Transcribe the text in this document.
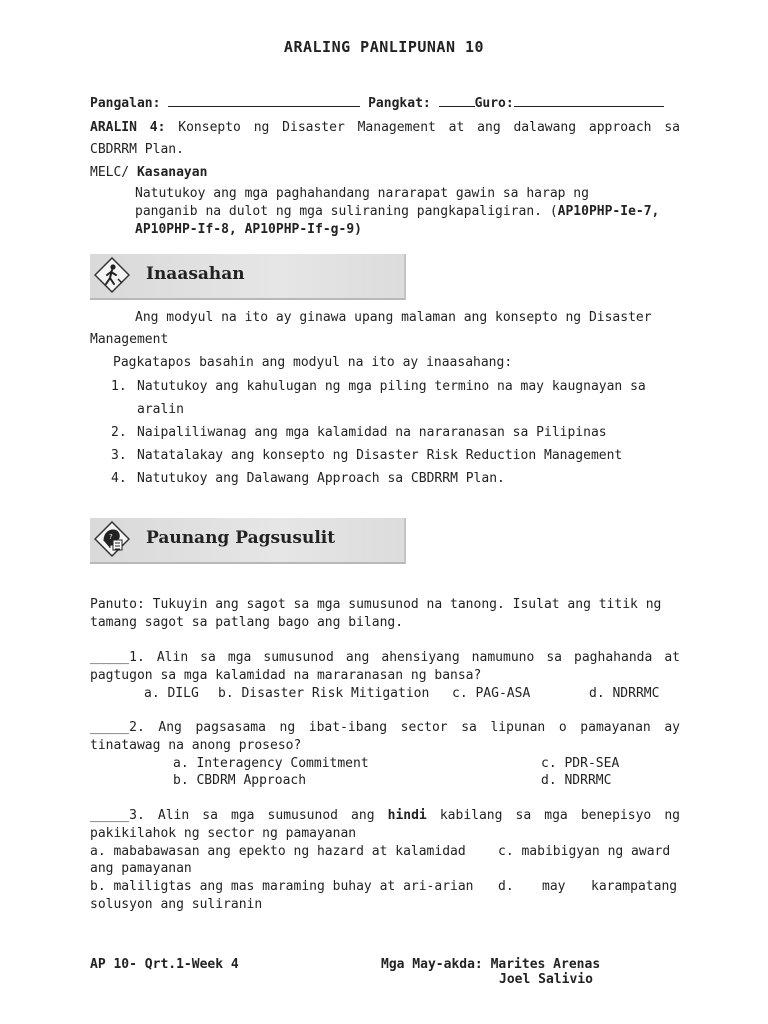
ARALING PANLIPUNAN 10
Pangalan:	Pangkat:	Guro:
ARALIN 4: Konsepto ng Disaster Management at ang dalawang approach sa
CBDRRM Plan.
MELC/ Kasanayan
Natutukoy ang mga paghahandang nararapat gawin sa harap ng
panganib na dulot ng mga suliraning pangkapaligiran. (AP10PHP-Ie-7,
AP10PHP-If-8, AP10PHP-If-g-9)
Inaasahan
Ang modyul na ito ay ginawa upang malaman ang konsepto ng Disaster
Management
Pagkatapos basahin ang modyul na ito ay inaasahang:
1. Natutukoy ang kahulugan ng mga piling termino na may kaugnayan sa
aralin
2. Naipaliliwanag ang mga kalamidad na nararanasan sa Pilipinas
3. Natatalakay ang konsepto ng Disaster Risk Reduction Management
4. Natutukoy ang Dalawang Approach sa CBDRRM Plan.
? Paunang Pagsusulit
Panuto: Tukuyin ang sagot sa mga sumusunod na tanong. Isulat ang titik ng
tamang sagot sa patlang bago ang bilang.
_____1. Alin sa mga sumusunod ang ahensiyang namumuno sa paghahanda at
pagtugon sa mga kalamidad na mararanasan ng bansa?
a. DILG b. Disaster Risk Mitigation c. PAG-ASA	d. NDRRMC
_____2. Ang pagsasama ng ibat-ibang sector sa lipunan o pamayanan ay
tinatawag na anong proseso?
a. Interagency Commitment	c. PDR-SEA
b. CBDRM Approach	d. NDRRMC
_____3. Alin sa mga sumusunod ang hindi kabilang sa mga benepisyo ng
pakikilahok ng sector ng pamayanan
a. mababawasan ang epekto ng hazard at kalamidad c. mabibigyan ng award
ang pamayanan
b. maliligtas ang mas maraming buhay at ari-arian d. may karampatang
solusyon ang suliranin
AP 10- Qrt.1-Week 4	Mga May-akda: Marites Arenas
Joel Salivio
